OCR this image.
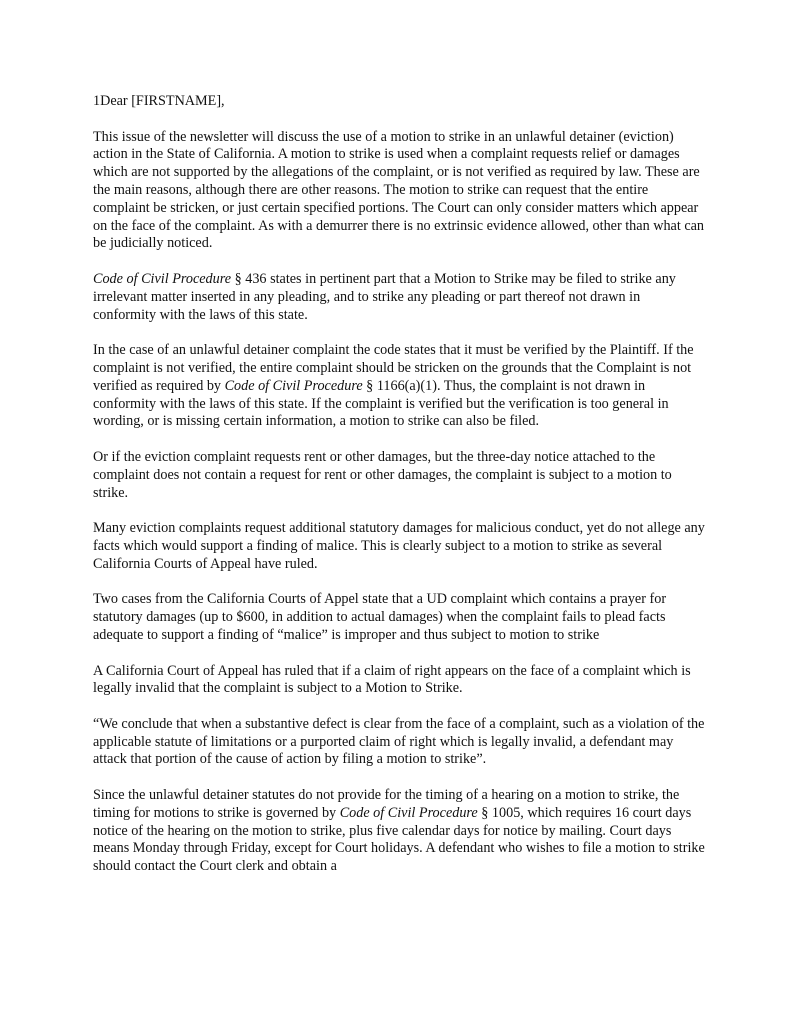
1Dear [FIRSTNAME],

This issue of the newsletter will discuss the use of a motion to strike in an unlawful detainer (eviction) action in the State of California. A motion to strike is used when a complaint requests relief or damages which are not supported by the allegations of the complaint, or is not verified as required by law. These are the main reasons, although there are other reasons. The motion to strike can request that the entire complaint be stricken, or just certain specified portions. The Court can only consider matters which appear on the face of the complaint. As with a demurrer there is no extrinsic evidence allowed, other than what can be judicially noticed.

Code of Civil Procedure § 436 states in pertinent part that a Motion to Strike may be filed to strike any irrelevant matter inserted in any pleading, and to strike any pleading or part thereof not drawn in conformity with the laws of this state.

In the case of an unlawful detainer complaint the code states that it must be verified by the Plaintiff. If the complaint is not verified, the entire complaint should be stricken on the grounds that the Complaint is not verified as required by Code of Civil Procedure § 1166(a)(1). Thus, the complaint is not drawn in conformity with the laws of this state. If the complaint is verified but the verification is too general in wording, or is missing certain information, a motion to strike can also be filed.

Or if the eviction complaint requests rent or other damages, but the three-day notice attached to the complaint does not contain a request for rent or other damages, the complaint is subject to a motion to strike.

Many eviction complaints request additional statutory damages for malicious conduct, yet do not allege any facts which would support a finding of malice. This is clearly subject to a motion to strike as several California Courts of Appeal have ruled.

Two cases from the California Courts of Appel state that a UD complaint which contains a prayer for statutory damages (up to $600, in addition to actual damages) when the complaint fails to plead facts adequate to support a finding of “malice” is improper and thus subject to motion to strike

A California Court of Appeal has ruled that if a claim of right appears on the face of a complaint which is legally invalid that the complaint is subject to a Motion to Strike.

“We conclude that when a substantive defect is clear from the face of a complaint, such as a violation of the applicable statute of limitations or a purported claim of right which is legally invalid, a defendant may attack that portion of the cause of action by filing a motion to strike”.

Since the unlawful detainer statutes do not provide for the timing of a hearing on a motion to strike, the timing for motions to strike is governed by Code of Civil Procedure § 1005, which requires 16 court days notice of the hearing on the motion to strike, plus five calendar days for notice by mailing. Court days means Monday through Friday, except for Court holidays. A defendant who wishes to file a motion to strike should contact the Court clerk and obtain a
